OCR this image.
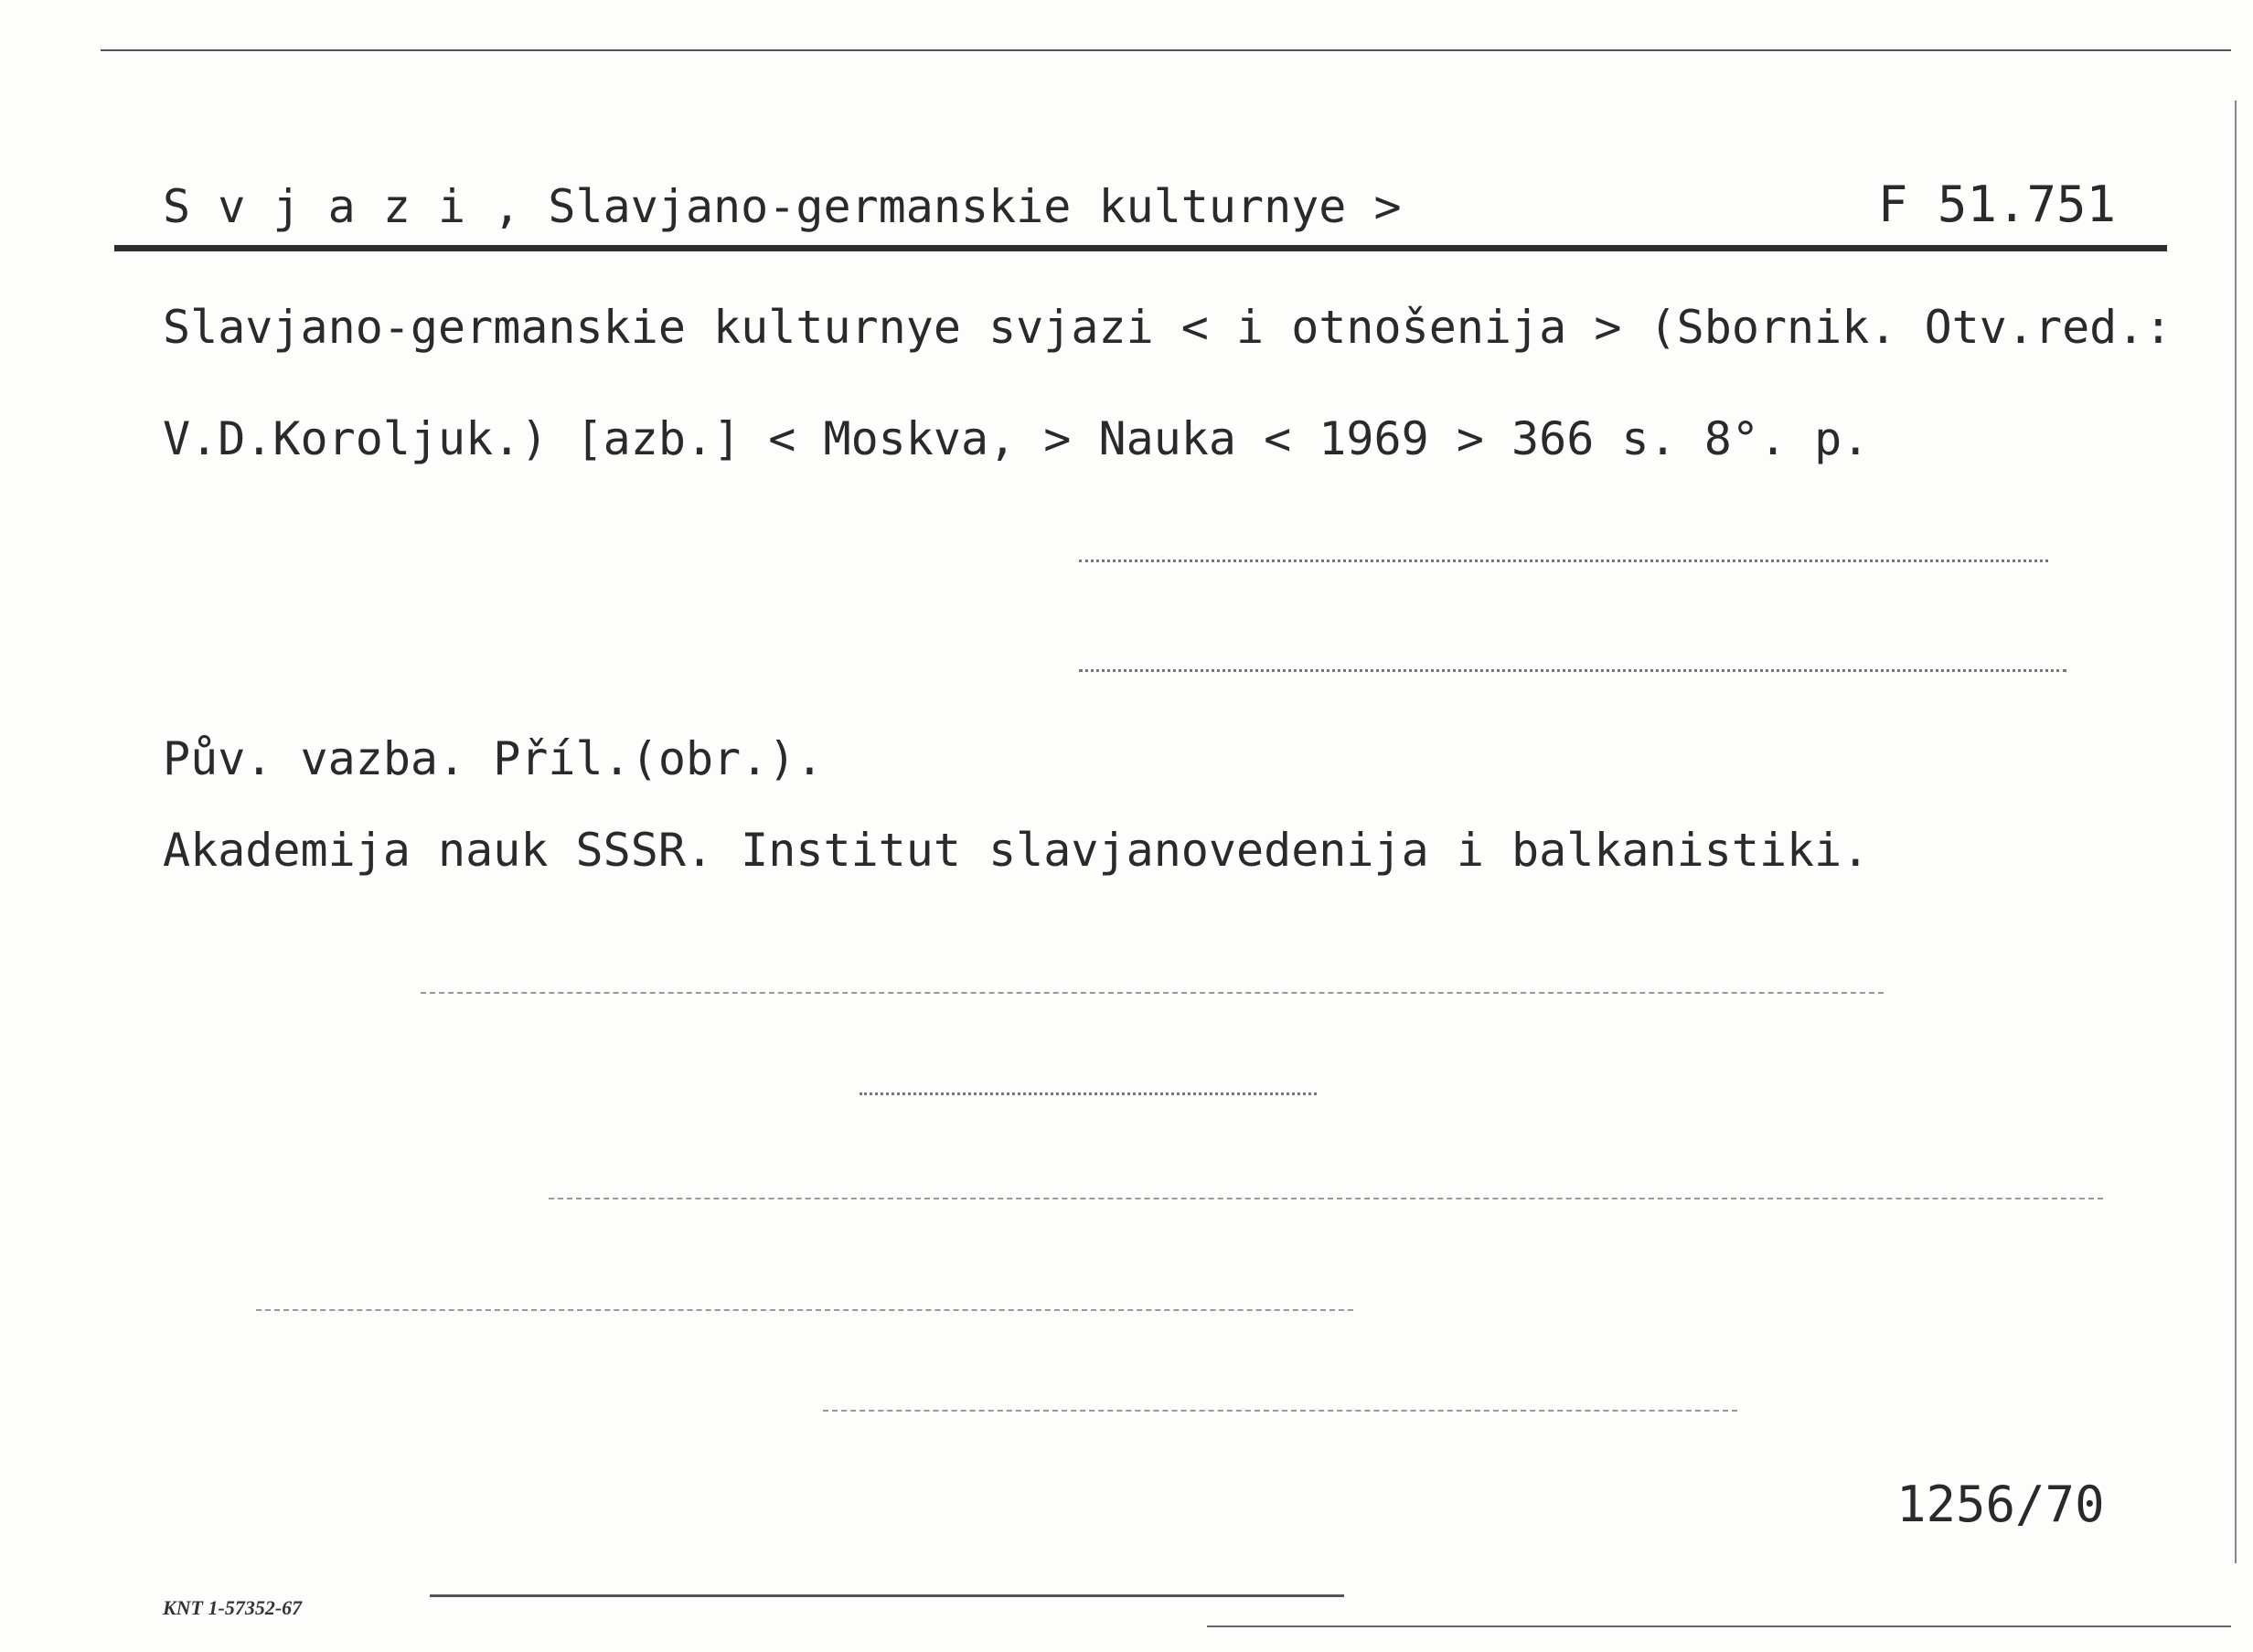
S v j a z i , Slavjano-germanskie kulturnye >	F 51.751
Slavjano-germanskie kulturnye svjazi < i otnošenija > (Sbornik. Otv.red.:
V.D.Koroljuk.) [azb.] < Moskva, > Nauka < 1969 > 366 s. 8°. p.
Pův. vazba. Příl.(obr.).
Akademija nauk SSSR. Institut slavjanovedenija i balkanistiki.
1256/70
KNT 1-57352-67
